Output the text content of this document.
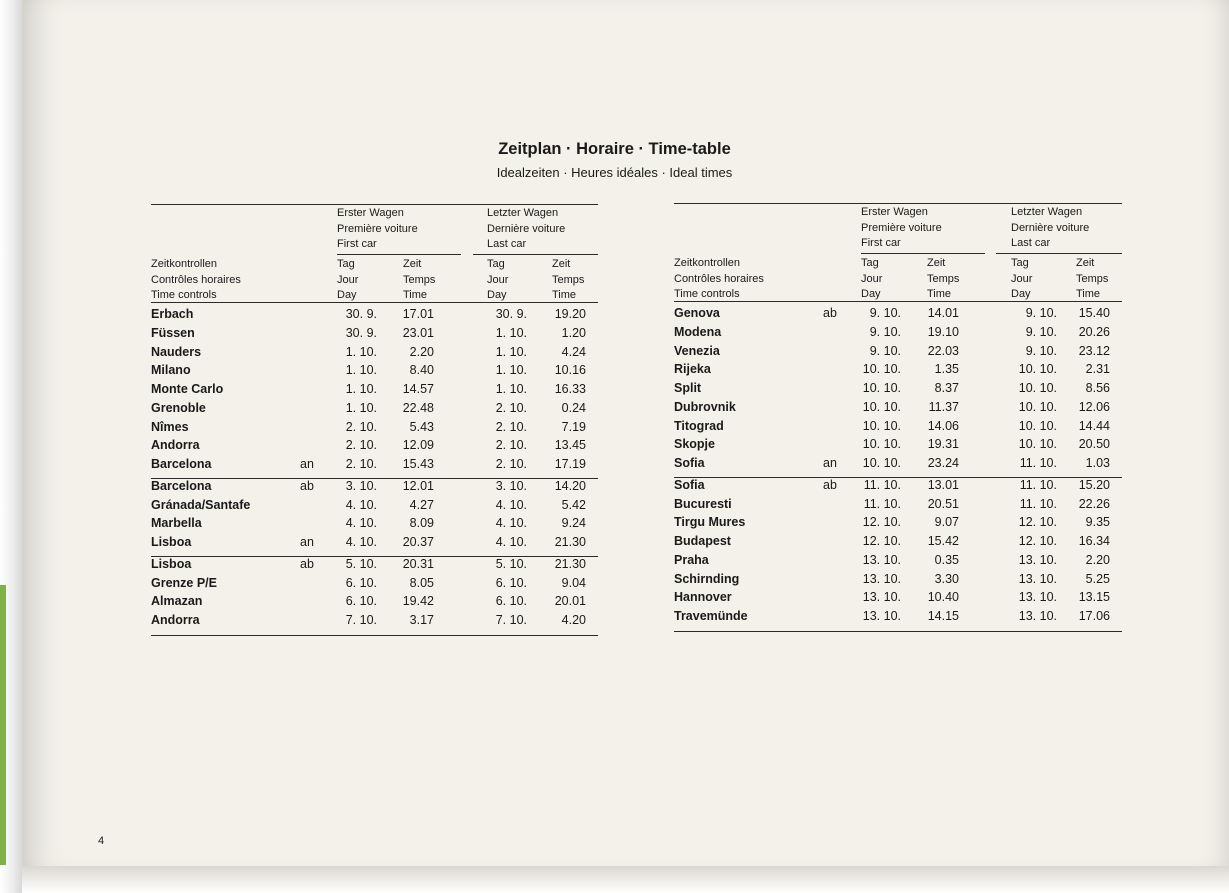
Zeitplan · Horaire · Time-table
Idealzeiten · Heures idéales · Ideal times
Erster Wagen
Première voiture
First car
Letzter Wagen
Dernière voiture
Last car
Zeitkontrollen
Contrôles horaires
Time controls
Tag
Jour
Day
Zeit
Temps
Time
Tag
Jour
Day
Zeit
Temps
Time
Erbach	30. 9.	17.01	30. 9.	19.20
Füssen	30. 9.	23.01	1. 10.	1.20
Nauders	1. 10.	2.20	1. 10.	4.24
Milano	1. 10.	8.40	1. 10.	10.16
Monte Carlo	1. 10.	14.57	1. 10.	16.33
Grenoble	1. 10.	22.48	2. 10.	0.24
Nîmes	2. 10.	5.43	2. 10.	7.19
Andorra	2. 10.	12.09	2. 10.	13.45
Barcelona	an	2. 10.	15.43	2. 10.	17.19
Barcelona	ab	3. 10.	12.01	3. 10.	14.20
Gránada/Santafe	4. 10.	4.27	4. 10.	5.42
Marbella	4. 10.	8.09	4. 10.	9.24
Lisboa	an	4. 10.	20.37	4. 10.	21.30
Lisboa	ab	5. 10.	20.31	5. 10.	21.30
Grenze P/E	6. 10.	8.05	6. 10.	9.04
Almazan	6. 10.	19.42	6. 10.	20.01
Andorra	7. 10.	3.17	7. 10.	4.20
Erster Wagen
Première voiture
First car
Letzter Wagen
Dernière voiture
Last car
Zeitkontrollen
Contrôles horaires
Time controls
Tag
Jour
Day
Zeit
Temps
Time
Tag
Jour
Day
Zeit
Temps
Time
Genova	ab	9. 10.	14.01	9. 10.	15.40
Modena	9. 10.	19.10	9. 10.	20.26
Venezia	9. 10.	22.03	9. 10.	23.12
Rijeka	10. 10.	1.35	10. 10.	2.31
Split	10. 10.	8.37	10. 10.	8.56
Dubrovnik	10. 10.	11.37	10. 10.	12.06
Titograd	10. 10.	14.06	10. 10.	14.44
Skopje	10. 10.	19.31	10. 10.	20.50
Sofia	an 10. 10.	23.24	11. 10.	1.03
Sofia	ab 11. 10.	13.01	11. 10.	15.20
Bucuresti	11. 10.	20.51	11. 10.	22.26
Tirgu Mures	12. 10.	9.07	12. 10.	9.35
Budapest	12. 10.	15.42	12. 10.	16.34
Praha	13. 10.	0.35	13. 10.	2.20
Schirnding	13. 10.	3.30	13. 10.	5.25
Hannover	13. 10.	10.40	13. 10.	13.15
Travemünde	13. 10.	14.15	13. 10.	17.06
4
